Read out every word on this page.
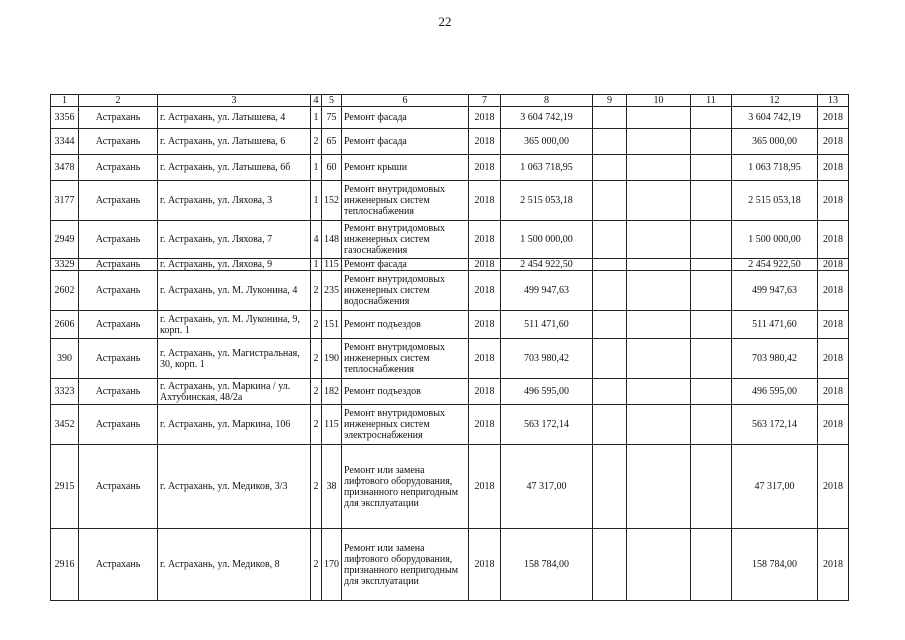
22
1	2	3	4	5	6	7	8	9	10	11	12	13
3356	Астрахань	г. Астрахань, ул. Латышева, 4	1	75	Ремонт фасада	2018	3 604 742,19				3 604 742,19	2018
3344	Астрахань	г. Астрахань, ул. Латышева, 6	2	65	Ремонт фасада	2018	365 000,00				365 000,00	2018
3478	Астрахань	г. Астрахань, ул. Латышева, 6б	1	60	Ремонт крыши	2018	1 063 718,95				1 063 718,95	2018
3177	Астрахань	г. Астрахань, ул. Ляхова, 3	1	152	Ремонт внутридомовых инженерных систем теплоснабжения	2018	2 515 053,18				2 515 053,18	2018
2949	Астрахань	г. Астрахань, ул. Ляхова, 7	4	148	Ремонт внутридомовых инженерных систем газоснабжения	2018	1 500 000,00				1 500 000,00	2018
3329	Астрахань	г. Астрахань, ул. Ляхова, 9	1	115	Ремонт фасада	2018	2 454 922,50				2 454 922,50	2018
2602	Астрахань	г. Астрахань, ул. М. Луконина, 4	2	235	Ремонт внутридомовых инженерных систем водоснабжения	2018	499 947,63				499 947,63	2018
2606	Астрахань	г. Астрахань, ул. М. Луконина, 9, корп. 1	2	151	Ремонт подъездов	2018	511 471,60				511 471,60	2018
390	Астрахань	г. Астрахань, ул. Магистральная, 30, корп. 1	2	190	Ремонт внутридомовых инженерных систем теплоснабжения	2018	703 980,42				703 980,42	2018
3323	Астрахань	г. Астрахань, ул. Маркина / ул. Ахтубинская, 48/2а	2	182	Ремонт подъездов	2018	496 595,00				496 595,00	2018
3452	Астрахань	г. Астрахань, ул. Маркина, 106	2	115	Ремонт внутридомовых инженерных систем электроснабжения	2018	563 172,14				563 172,14	2018
2915	Астрахань	г. Астрахань, ул. Медиков, 3/3	2	38	Ремонт или замена лифтового оборудования, признанного непригодным для эксплуатации	2018	47 317,00				47 317,00	2018
2916	Астрахань	г. Астрахань, ул. Медиков, 8	2	170	Ремонт или замена лифтового оборудования, признанного непригодным для эксплуатации	2018	158 784,00				158 784,00	2018
